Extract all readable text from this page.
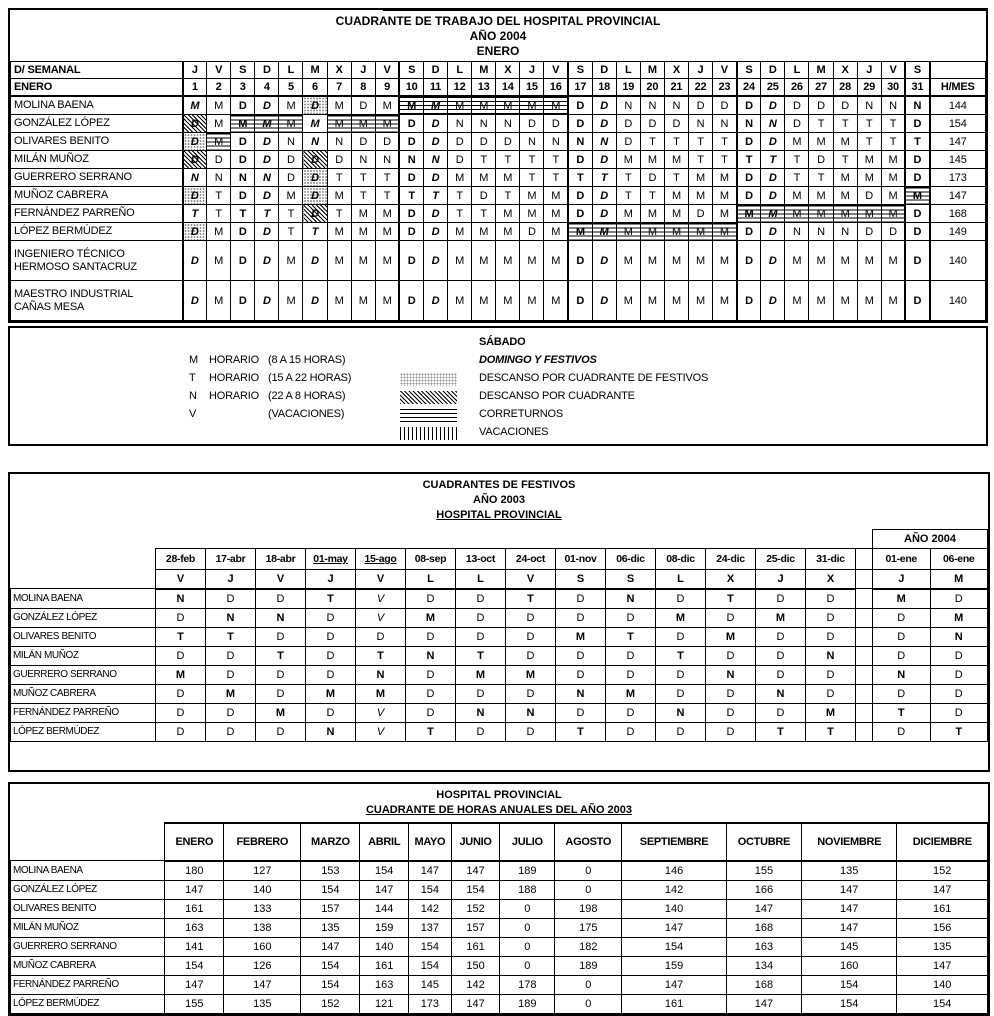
CUADRANTE DE TRABAJO DEL HOSPITAL PROVINCIAL
AÑO 2004
ENERO
D/ SEMANAL	J	V	S	D	L	M	X	J	V	S	D	L	M	X	J	V	S	D	L	M	X	J	V	S	D	L	M	X	J	V	S	
ENERO	1	2	3	4	5	6	7	8	9	10	11	12	13	14	15	16	17	18	19	20	21	22	23	24	25	26	27	28	29	30	31	H/MES
MOLINA BAENA	M	M	D	D	M	D	M	D	M	M	M	M	M	M	M	M	D	D	N	N	N	D	D	D	D	D	D	D	N	N	N	144
GONZÁLEZ LÓPEZ	D	M	M	M	M	M	M	M	M	D	D	N	N	N	D	D	D	D	D	D	D	N	N	N	N	D	T	T	T	T	D	154
OLIVARES BENITO	D	M	D	D	N	N	N	D	D	D	D	D	D	D	N	N	N	N	D	T	T	T	T	D	D	M	M	M	T	T	T	147
MILÁN MUÑOZ	D	D	D	D	D	D	D	N	N	N	N	D	T	T	T	T	D	D	M	M	M	T	T	T	T	T	D	T	M	M	D	145
GUERRERO SERRANO	N	N	N	N	D	D	T	T	T	D	D	M	M	M	T	T	T	T	T	D	T	M	M	D	D	T	T	M	M	M	D	173
MUÑOZ CABRERA	D	T	D	D	M	D	M	T	T	T	T	T	D	T	M	M	D	D	T	T	M	M	M	D	D	M	M	M	D	M	M	147
FERNÁNDEZ PARREÑO	T	T	T	T	T	D	T	M	M	D	D	T	T	M	M	M	D	D	M	M	M	D	M	M	M	M	M	M	M	M	D	168
LÓPEZ BERMÚDEZ	D	M	D	D	T	T	M	M	M	D	D	M	M	M	D	M	M	M	M	M	M	M	M	D	D	N	N	N	D	D	D	149
INGENIERO TÉCNICO
HERMOSO SANTACRUZ	D	M	D	D	M	D	M	M	M	D	D	M	M	M	M	M	D	D	M	M	M	M	M	D	D	M	M	M	M	M	D	140
MAESTRO INDUSTRIAL
CAÑAS MESA	D	M	D	D	M	D	M	M	M	D	D	M	M	M	M	M	D	D	M	M	M	M	M	D	D	M	M	M	M	M	D	140
SÁBADO
DOMINGO Y FESTIVOS
DESCANSO POR CUADRANTE DE FESTIVOS
DESCANSO POR CUADRANTE
CORRETURNOS
VACACIONES
M HORARIO (8 A 15 HORAS)
T HORARIO (15 A 22 HORAS)
N HORARIO (22 A 8 HORAS)
V	(VACACIONES)
CUADRANTES DE FESTIVOS
AÑO 2003
HOSPITAL PROVINCIAL
																AÑO 2004	
	28-feb	17-abr	18-abr	01-may	15-ago	08-sep	13-oct	24-oct	01-nov	06-dic	08-dic	24-dic	25-dic	31-dic		01-ene	06-ene
	V	J	V	J	V	L	L	V	S	S	L	X	J	X		J	M
MOLINA BAENA	N	D	D	T	V	D	D	T	D	N	D	T	D	D		M	D
GONZÁLEZ LÓPEZ	D	N	N	D	V	M	D	D	D	D	M	D	M	D		D	M
OLIVARES BENITO	T	T	D	D	D	D	D	D	M	T	D	M	D	D		D	N
MILÁN MUÑOZ	D	D	T	D	T	N	T	D	D	D	T	D	D	N		D	D
GUERRERO SERRANO	M	D	D	D	N	D	M	M	D	D	D	N	D	D		N	D
MUÑOZ CABRERA	D	M	D	M	M	D	D	D	N	M	D	D	N	D		D	D
FERNÁNDEZ PARREÑO	D	D	M	D	V	D	N	N	D	D	N	D	D	M		T	D
LÓPEZ BERMÚDEZ	D	D	D	N	V	T	D	D	T	D	D	D	T	T		D	T
HOSPITAL PROVINCIAL
CUADRANTE DE HORAS ANUALES DEL AÑO 2003
	ENERO	FEBRERO	MARZO	ABRIL	MAYO	JUNIO	JULIO	AGOSTO	SEPTIEMBRE	OCTUBRE	NOVIEMBRE	DICIEMBRE
MOLINA BAENA	180	127	153	154	147	147	189	0	146	155	135	152
GONZÁLEZ LÓPEZ	147	140	154	147	154	154	188	0	142	166	147	147
OLIVARES BENITO	161	133	157	144	142	152	0	198	140	147	147	161
MILÁN MUÑOZ	163	138	135	159	137	157	0	175	147	168	147	156
GUERRERO SERRANO	141	160	147	140	154	161	0	182	154	163	145	135
MUÑOZ CABRERA	154	126	154	161	154	150	0	189	159	134	160	147
FERNÁNDEZ PARREÑO	147	147	154	163	145	142	178	0	147	168	154	140
LÓPEZ BERMÚDEZ	155	135	152	121	173	147	189	0	161	147	154	154
